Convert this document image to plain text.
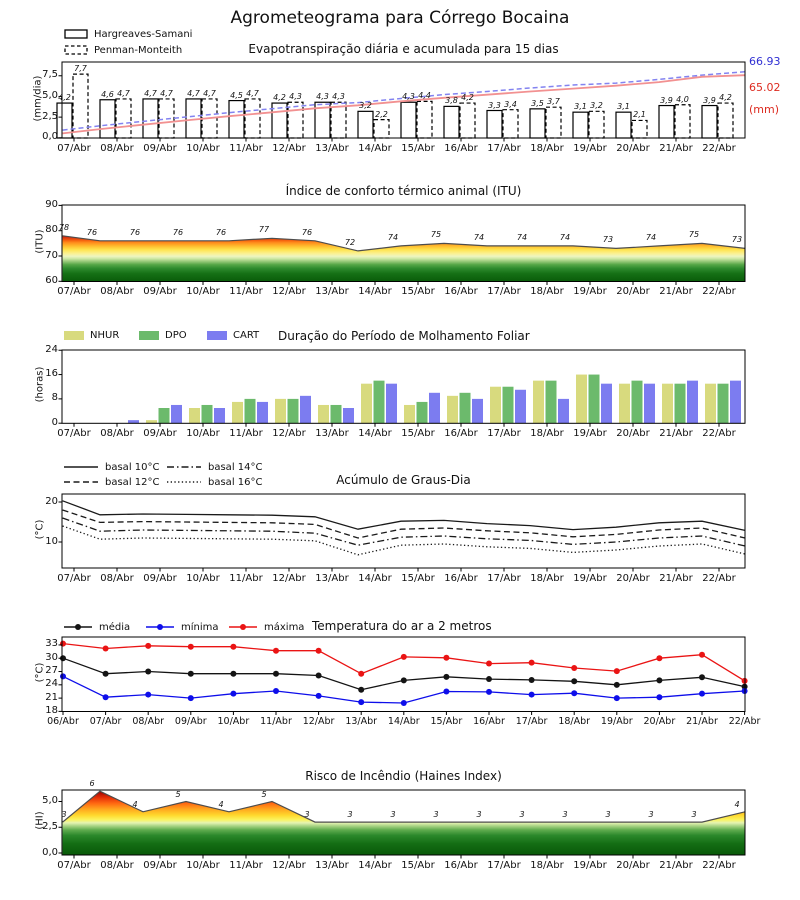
Agrometeograma para Córrego Bocaina
Evapotranspiração diária e acumulada para 15 dias
(mm/dia)
Hargreaves-Samani
Penman-Monteith
66.93
65.02
(mm)
Índice de conforto térmico animal (ITU)
(ITU)
Duração do Período de Molhamento Foliar
(horas)
NHUR	DPO	CART
Acúmulo de Graus-Dia
(°C)
basal 10°C
basal 12°C
basal 14°C
basal 16°C
Temperatura do ar a 2 metros
(°C)
média	mínima	máxima
Risco de Incêndio (Haines Index)
(HI)
4,2	4,6	4,7	4,7	4,5	4,2	4,3
3,2
4,3	3,8	3,3	3,5	3,1	3,1
3,9	3,9
7,7
4,7	4,7	4,7	4,7	4,3	4,3
2,2
4,4	4,2
3,4	3,7	3,2
2,1
4,0	4,2
0,0
2,5
5,0
7,5
07/Abr 08/Abr 09/Abr 10/Abr 11/Abr 12/Abr 13/Abr 14/Abr 15/Abr 16/Abr 17/Abr 18/Abr 19/Abr 20/Abr 21/Abr 22/Abr
78
76	76	76	76	77	76
72
74	75	74	74	74	73	74	75
73
60
70
80
90
07/Abr 08/Abr 09/Abr 10/Abr 11/Abr 12/Abr 13/Abr 14/Abr 15/Abr 16/Abr 17/Abr 18/Abr 19/Abr 20/Abr 21/Abr 22/Abr
0
8
16
24
07/Abr 08/Abr 09/Abr 10/Abr 11/Abr 12/Abr 13/Abr 14/Abr 15/Abr 16/Abr 17/Abr 18/Abr 19/Abr 20/Abr 21/Abr 22/Abr
10
20
07/Abr 08/Abr 09/Abr 10/Abr 11/Abr 12/Abr 13/Abr 14/Abr 15/Abr 16/Abr 17/Abr 18/Abr 19/Abr 20/Abr 21/Abr 22/Abr
18
21
24
27
30
33
06/Abr	07/Abr	08/Abr	09/Abr	10/Abr	11/Abr	12/Abr	13/Abr	14/Abr	15/Abr	16/Abr	17/Abr	18/Abr	19/Abr	20/Abr	21/Abr	22/Abr
3
6
4
5
4
5
3	3	3	3	3	3	3	3	3	3
4
0,0
2,5
5,0
07/Abr 08/Abr 09/Abr 10/Abr 11/Abr 12/Abr 13/Abr 14/Abr 15/Abr 16/Abr 17/Abr 18/Abr 19/Abr 20/Abr 21/Abr 22/Abr
